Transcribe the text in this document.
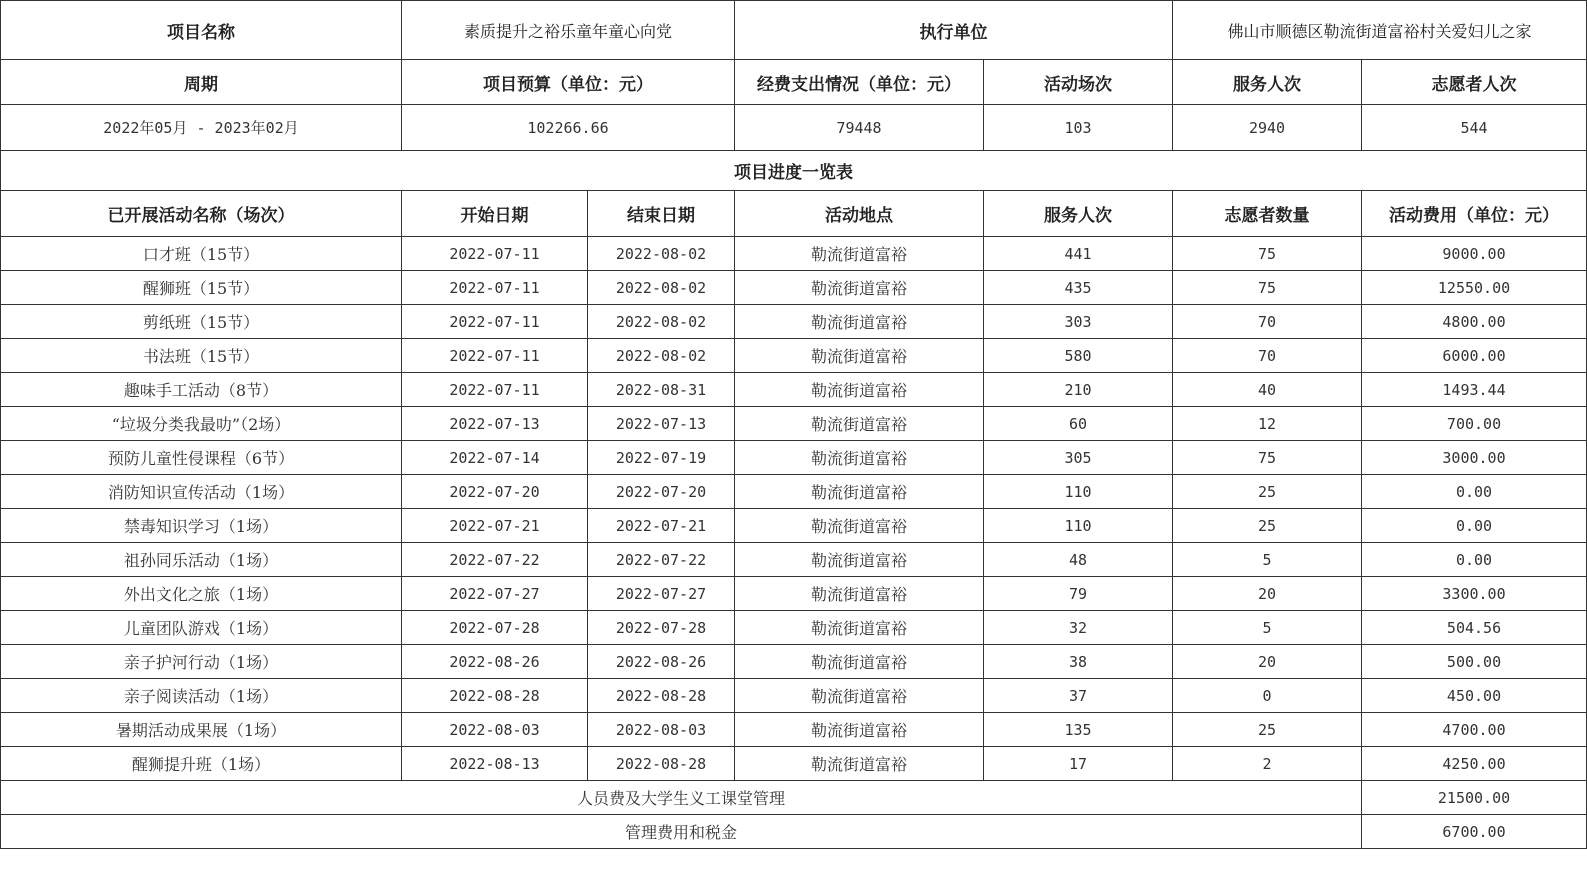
项目名称	素质提升之裕乐童年童心向党		执行单位		佛山市顺德区勒流街道富裕村关爱妇儿之家	
周期	项目预算（单位：元）		经费支出情况（单位：元）	活动场次	服务人次	志愿者人次
2022年05月 - 2023年02月	102266.66		79448	103	2940	544
项目进度一览表						
已开展活动名称（场次）	开始日期	结束日期	活动地点	服务人次	志愿者数量	活动费用（单位：元）
口才班（15节）	2022-07-11	2022-08-02	勒流街道富裕	441	75	9000.00
醒狮班（15节）	2022-07-11	2022-08-02	勒流街道富裕	435	75	12550.00
剪纸班（15节）	2022-07-11	2022-08-02	勒流街道富裕	303	70	4800.00
书法班（15节）	2022-07-11	2022-08-02	勒流街道富裕	580	70	6000.00
趣味手工活动（8节）	2022-07-11	2022-08-31	勒流街道富裕	210	40	1493.44
“垃圾分类我最叻”（2场）	2022-07-13	2022-07-13	勒流街道富裕	60	12	700.00
预防儿童性侵课程（6节）	2022-07-14	2022-07-19	勒流街道富裕	305	75	3000.00
消防知识宣传活动（1场）	2022-07-20	2022-07-20	勒流街道富裕	110	25	0.00
禁毒知识学习（1场）	2022-07-21	2022-07-21	勒流街道富裕	110	25	0.00
祖孙同乐活动（1场）	2022-07-22	2022-07-22	勒流街道富裕	48	5	0.00
外出文化之旅（1场）	2022-07-27	2022-07-27	勒流街道富裕	79	20	3300.00
儿童团队游戏（1场）	2022-07-28	2022-07-28	勒流街道富裕	32	5	504.56
亲子护河行动（1场）	2022-08-26	2022-08-26	勒流街道富裕	38	20	500.00
亲子阅读活动（1场）	2022-08-28	2022-08-28	勒流街道富裕	37	0	450.00
暑期活动成果展（1场）	2022-08-03	2022-08-03	勒流街道富裕	135	25	4700.00
醒狮提升班（1场）	2022-08-13	2022-08-28	勒流街道富裕	17	2	4250.00
人员费及大学生义工课堂管理						21500.00
管理费用和税金						6700.00
